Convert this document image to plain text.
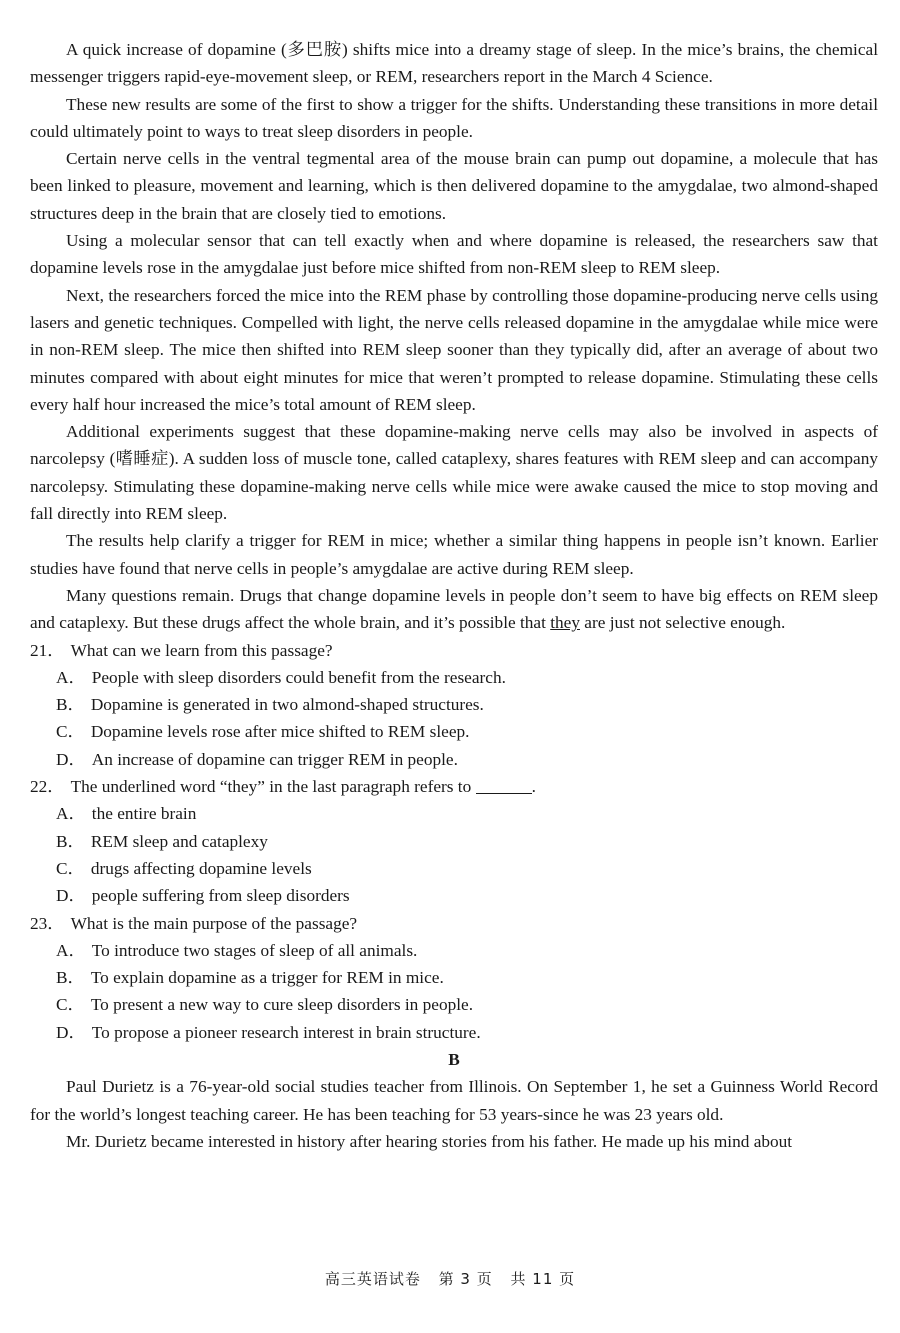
A quick increase of dopamine (多巴胺) shifts mice into a dreamy stage of sleep. In the mice’s brains, the chemical messenger triggers rapid-eye-movement sleep, or REM, researchers report in the March 4 Science.

These new results are some of the first to show a trigger for the shifts. Understanding these transitions in more detail could ultimately point to ways to treat sleep disorders in people.

Certain nerve cells in the ventral tegmental area of the mouse brain can pump out dopamine, a molecule that has been linked to pleasure, movement and learning, which is then delivered dopamine to the amygdalae, two almond-shaped structures deep in the brain that are closely tied to emotions.

Using a molecular sensor that can tell exactly when and where dopamine is released, the researchers saw that dopamine levels rose in the amygdalae just before mice shifted from non-REM sleep to REM sleep.

Next, the researchers forced the mice into the REM phase by controlling those dopamine-producing nerve cells using lasers and genetic techniques. Compelled with light, the nerve cells released dopamine in the amygdalae while mice were in non-REM sleep. The mice then shifted into REM sleep sooner than they typically did, after an average of about two minutes compared with about eight minutes for mice that weren’t prompted to release dopamine. Stimulating these cells every half hour increased the mice’s total amount of REM sleep.

Additional experiments suggest that these dopamine-making nerve cells may also be involved in aspects of narcolepsy (嗜睡症). A sudden loss of muscle tone, called cataplexy, shares features with REM sleep and can accompany narcolepsy. Stimulating these dopamine-making nerve cells while mice were awake caused the mice to stop moving and fall directly into REM sleep.

The results help clarify a trigger for REM in mice; whether a similar thing happens in people isn’t known. Earlier studies have found that nerve cells in people’s amygdalae are active during REM sleep.

Many questions remain. Drugs that change dopamine levels in people don’t seem to have big effects on REM sleep and cataplexy. But these drugs affect the whole brain, and it’s possible that they are just not selective enough.

21． What can we learn from this passage?

A． People with sleep disorders could benefit from the research.

B． Dopamine is generated in two almond-shaped structures.

C． Dopamine levels rose after mice shifted to REM sleep.

D． An increase of dopamine can trigger REM in people.

22． The underlined word “they” in the last paragraph refers to	.

A． the entire brain

B． REM sleep and cataplexy

C． drugs affecting dopamine levels

D． people suffering from sleep disorders

23． What is the main purpose of the passage?

A． To introduce two stages of sleep of all animals.

B． To explain dopamine as a trigger for REM in mice.

C． To present a new way to cure sleep disorders in people.

D． To propose a pioneer research interest in brain structure.

B

Paul Durietz is a 76-year-old social studies teacher from Illinois. On September 1, he set a Guinness World Record for the world’s longest teaching career. He has been teaching for 53 years-since he was 23 years old.

Mr. Durietz became interested in history after hearing stories from his father. He made up his mind about

高三英语试卷 第 3 页 共 11 页
